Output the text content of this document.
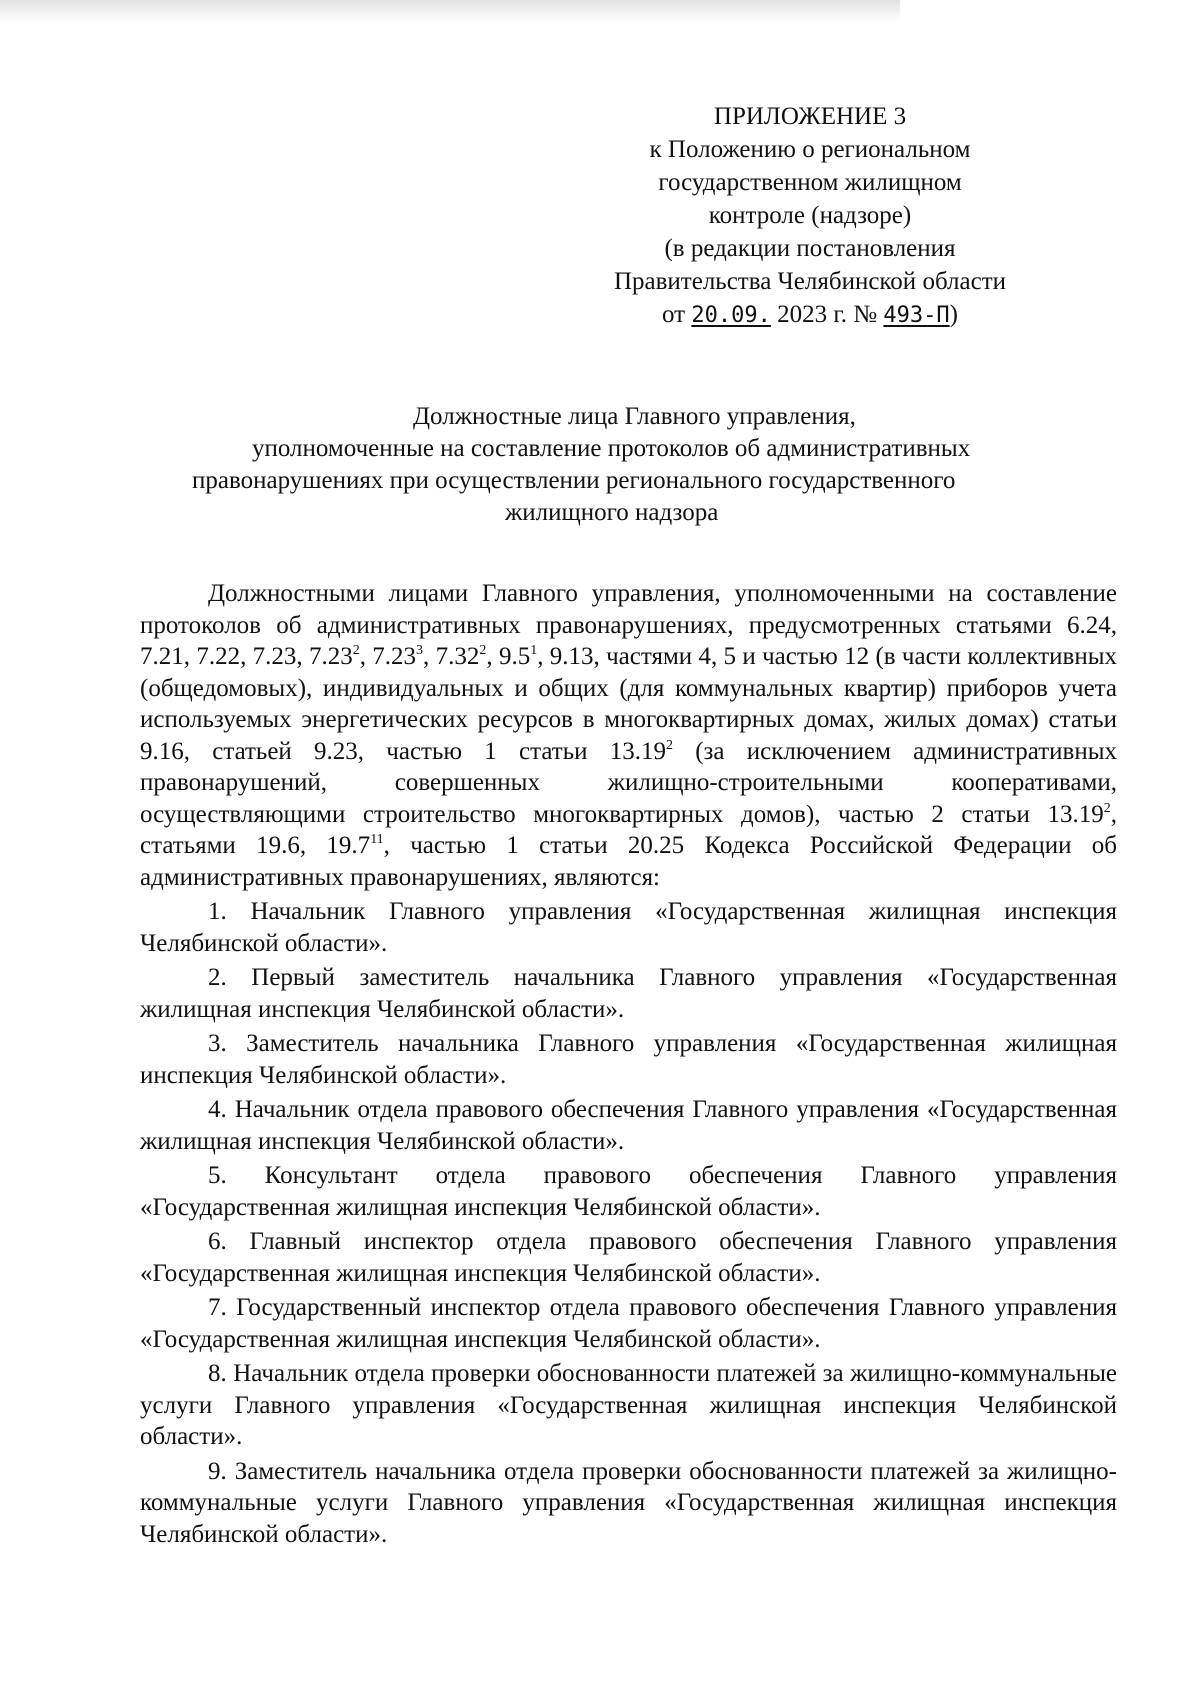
ПРИЛОЖЕНИЕ 3
к Положению о региональном
государственном жилищном
контроле (надзоре)
(в редакции постановления
Правительства Челябинской области
от 20.09. 2023 г. № 493-П)
Должностные лица Главного управления,
уполномоченные на составление протоколов об административных
правонарушениях при осуществлении регионального государственного
жилищного надзора

Должностными лицами Главного управления, уполномоченными на составление протоколов об административных правонарушениях, предусмотренных статьями 6.24, 7.21, 7.22, 7.23, 7.23$^2$, 7.23$^3$, 7.32$^2$, $9.5^1$, 9.13, частями 4, 5 и частью 12 (в части коллективных (общедомовых), индивидуальных и общих (для коммунальных квартир) приборов учета используемых энергетических ресурсов в многоквартирных домах, жилых домах) статьи 9.16, статьей 9.23, частью 1 статьи 13.19$^2$ (за исключением административных правонарушений, совершенных жилищно-строительными кооперативами, осуществляющими строительство многоквартирных домов), частью 2 статьи 13.19$^2$, статьями 19.6, 19.7$^{11}$, частью 1 статьи 20.25 Кодекса Российской Федерации об административных правонарушениях, являются:

1. Начальник Главного управления «Государственная жилищная инспекция Челябинской области».

2. Первый заместитель начальника Главного управления «Государственная жилищная инспекция Челябинской области».

3. Заместитель начальника Главного управления «Государственная жилищная инспекция Челябинской области».

4. Начальник отдела правового обеспечения Главного управления «Государственная жилищная инспекция Челябинской области».

5. Консультант отдела правового обеспечения Главного управления «Государственная жилищная инспекция Челябинской области».

6. Главный инспектор отдела правового обеспечения Главного управления «Государственная жилищная инспекция Челябинской области».

7. Государственный инспектор отдела правового обеспечения Главного управления «Государственная жилищная инспекция Челябинской области».

8. Начальник отдела проверки обоснованности платежей за жилищно-коммунальные услуги Главного управления «Государственная жилищная инспекция Челябинской области».

9. Заместитель начальника отдела проверки обоснованности платежей за жилищно-коммунальные услуги Главного управления «Государственная жилищная инспекция Челябинской области».
